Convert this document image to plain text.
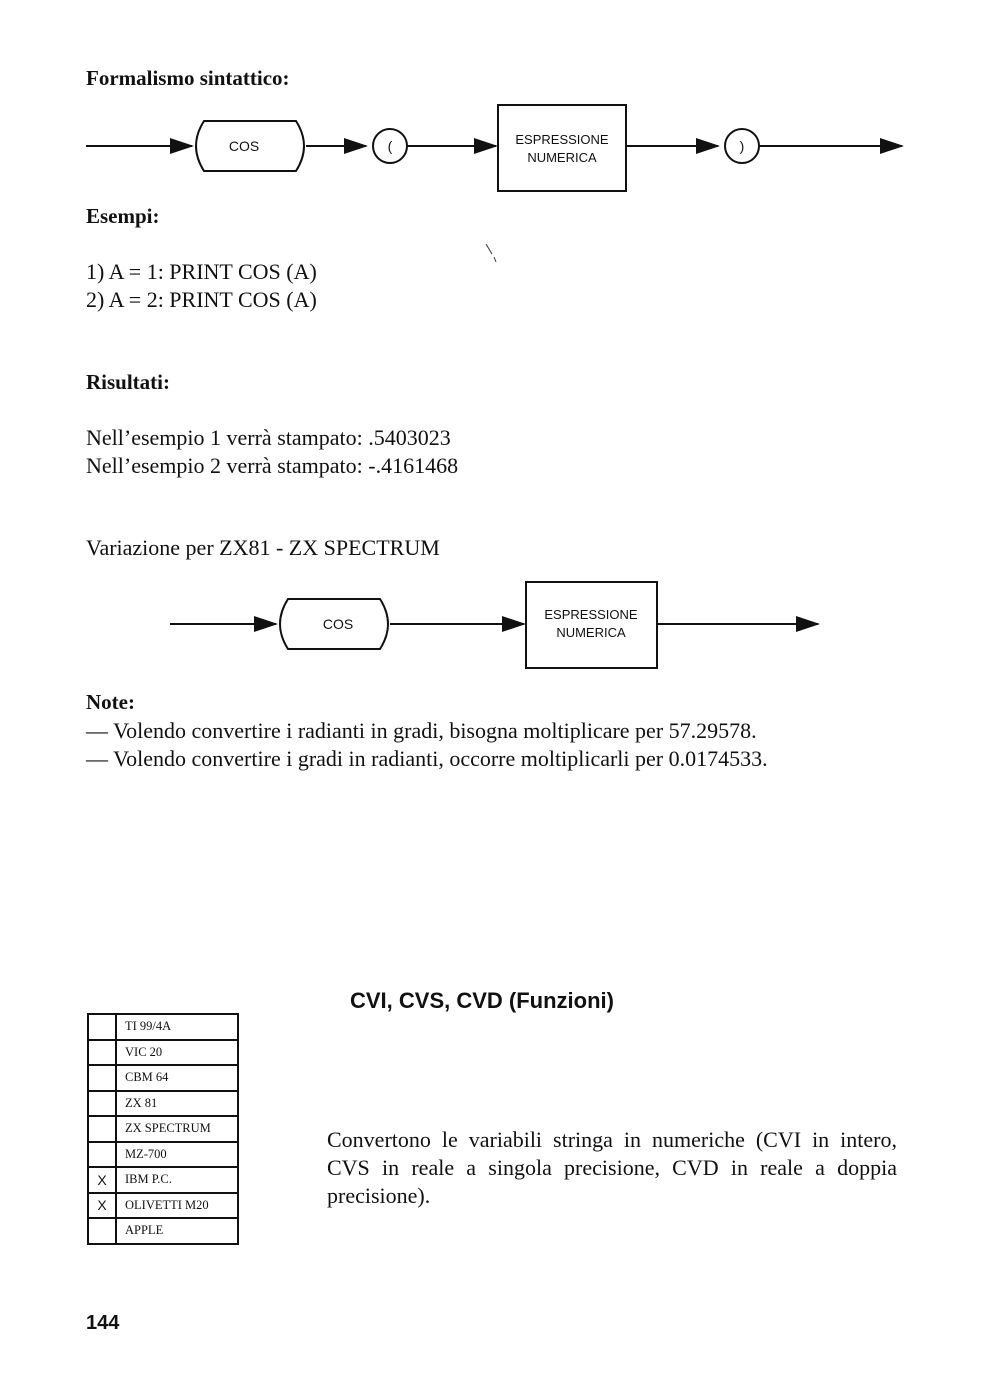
Formalismo sintattico:
COS	(	ESPRESSIONE
NUMERICA
)
COS
ESPRESSIONE
NUMERICA
Esempi:
1) A = 1: PRINT COS (A)
2) A = 2: PRINT COS (A)
Risultati:
Nell’esempio 1 verrà stampato: .5403023
Nell’esempio 2 verrà stampato: -.4161468
Variazione per ZX81 - ZX SPECTRUM
Note:
— Volendo convertire i radianti in gradi, bisogna moltiplicare per 57.29578.
— Volendo convertire i gradi in radianti, occorre moltiplicarli per 0.0174533.
	TI 99/4A
	VIC 20
	CBM 64
	ZX 81
	ZX SPECTRUM
	MZ-700
X	IBM P.C.
X	OLIVETTI M20
	APPLE
CVI, CVS, CVD (Funzioni)
Convertono le variabili stringa in numeriche (CVI in intero, CVS in reale a singola precisione, CVD in reale a doppia precisione).
144
